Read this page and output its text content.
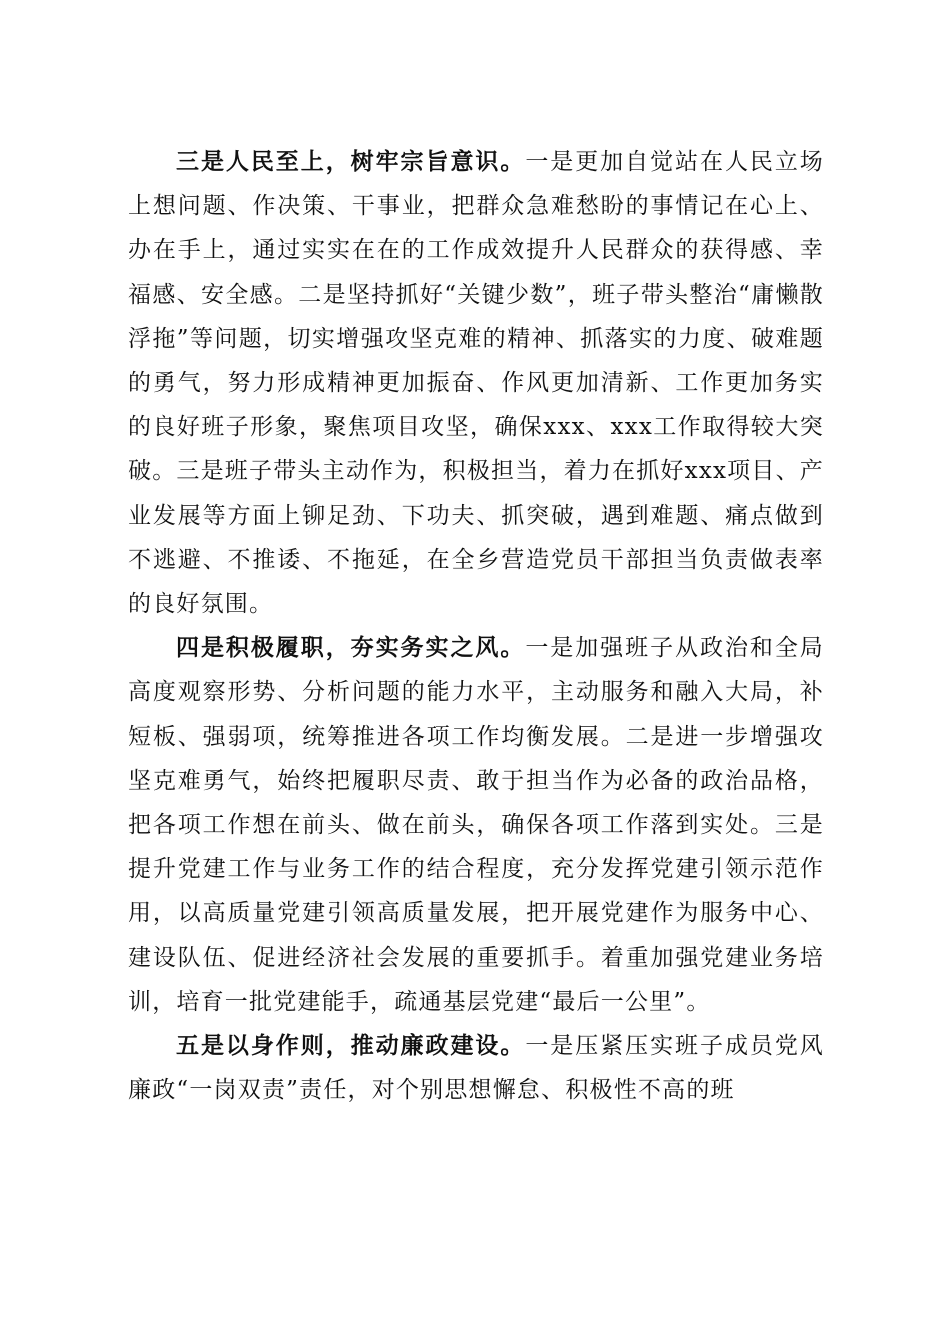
三是人民至上，树牢宗旨意识。一是更加自觉站在人民立场上想问题、作决策、干事业，把群众急难愁盼的事情记在心上、办在手上，通过实实在在的工作成效提升人民群众的获得感、幸福感、安全感。二是坚持抓好“关键少数”，班子带头整治“庸懒散浮拖”等问题，切实增强攻坚克难的精神、抓落实的力度、破难题的勇气，努力形成精神更加振奋、作风更加清新、工作更加务实的良好班子形象，聚焦项目攻坚，确保xxx、xxx工作取得较大突破。三是班子带头主动作为，积极担当，着力在抓好xxx项目、产业发展等方面上铆足劲、下功夫、抓突破，遇到难题、痛点做到不逃避、不推诿、不拖延，在全乡营造党员干部担当负责做表率的良好氛围。

四是积极履职，夯实务实之风。一是加强班子从政治和全局高度观察形势、分析问题的能力水平，主动服务和融入大局，补短板、强弱项，统筹推进各项工作均衡发展。二是进一步增强攻坚克难勇气，始终把履职尽责、敢于担当作为必备的政治品格，把各项工作想在前头、做在前头，确保各项工作落到实处。三是提升党建工作与业务工作的结合程度，充分发挥党建引领示范作用，以高质量党建引领高质量发展，把开展党建作为服务中心、建设队伍、促进经济社会发展的重要抓手。着重加强党建业务培训，培育一批党建能手，疏通基层党建“最后一公里”。

五是以身作则，推动廉政建设。一是压紧压实班子成员党风廉政“一岗双责”责任，对个别思想懈怠、积极性不高的班
